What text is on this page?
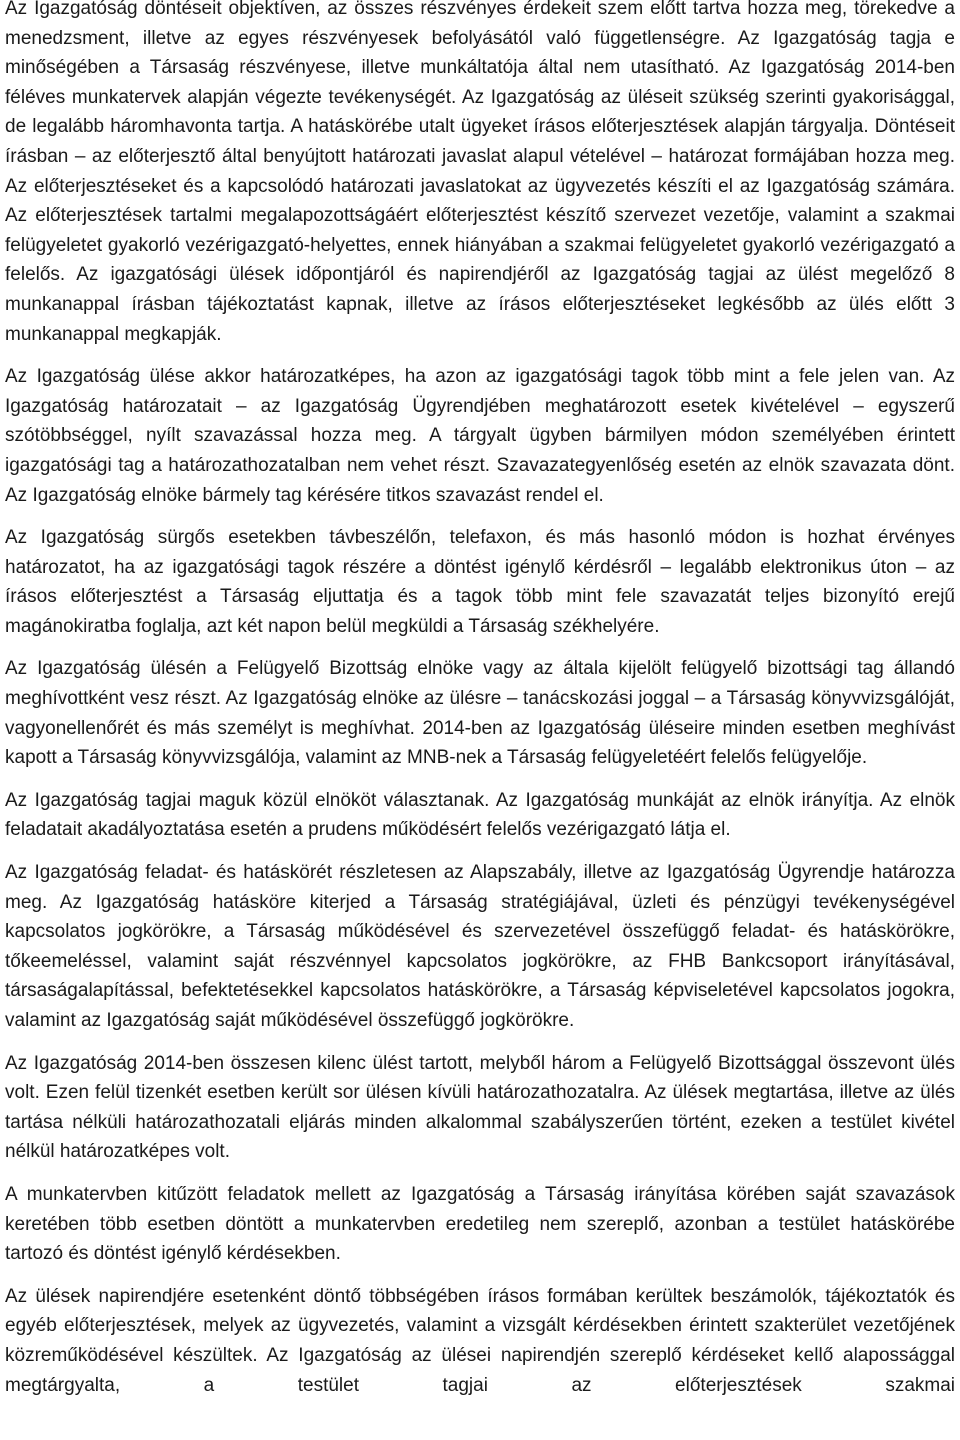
Az Igazgatóság döntéseit objektíven, az összes részvényes érdekeit szem előtt tartva hozza meg, törekedve a menedzsment, illetve az egyes részvényesek befolyásától való függetlenségre. Az Igazgatóság tagja e minőségében a Társaság részvényese, illetve munkáltatója által nem utasítható. Az Igazgatóság 2014-ben féléves munkatervek alapján végezte tevékenységét. Az Igazgatóság az üléseit szükség szerinti gyakorisággal, de legalább háromhavonta tartja. A hatáskörébe utalt ügyeket írásos előterjesztések alapján tárgyalja. Döntéseit írásban – az előterjesztő által benyújtott határozati javaslat alapul vételével – határozat formájában hozza meg. Az előterjesztéseket és a kapcsolódó határozati javaslatokat az ügyvezetés készíti el az Igazgatóság számára. Az előterjesztések tartalmi megalapozottságáért előterjesztést készítő szervezet vezetője, valamint a szakmai felügyeletet gyakorló vezérigazgató-helyettes, ennek hiányában a szakmai felügyeletet gyakorló vezérigazgató a felelős. Az igazgatósági ülések időpontjáról és napirendjéről az Igazgatóság tagjai az ülést megelőző 8 munkanappal írásban tájékoztatást kapnak, illetve az írásos előterjesztéseket legkésőbb az ülés előtt 3 munkanappal megkapják.

Az Igazgatóság ülése akkor határozatképes, ha azon az igazgatósági tagok több mint a fele jelen van. Az Igazgatóság határozatait – az Igazgatóság Ügyrendjében meghatározott esetek kivételével – egyszerű szótöbbséggel, nyílt szavazással hozza meg. A tárgyalt ügyben bármilyen módon személyében érintett igazgatósági tag a határozathozatalban nem vehet részt. Szavazategyenlőség esetén az elnök szavazata dönt. Az Igazgatóság elnöke bármely tag kérésére titkos szavazást rendel el.

Az Igazgatóság sürgős esetekben távbeszélőn, telefaxon, és más hasonló módon is hozhat érvényes határozatot, ha az igazgatósági tagok részére a döntést igénylő kérdésről – legalább elektronikus úton – az írásos előterjesztést a Társaság eljuttatja és a tagok több mint fele szavazatát teljes bizonyító erejű magánokiratba foglalja, azt két napon belül megküldi a Társaság székhelyére.

Az Igazgatóság ülésén a Felügyelő Bizottság elnöke vagy az általa kijelölt felügyelő bizottsági tag állandó meghívottként vesz részt. Az Igazgatóság elnöke az ülésre – tanácskozási joggal – a Társaság könyvvizsgálóját, vagyonellenőrét és más személyt is meghívhat. 2014-ben az Igazgatóság üléseire minden esetben meghívást kapott a Társaság könyvvizsgálója, valamint az MNB-nek a Társaság felügyeletéért felelős felügyelője.

Az Igazgatóság tagjai maguk közül elnököt választanak. Az Igazgatóság munkáját az elnök irányítja. Az elnök feladatait akadályoztatása esetén a prudens működésért felelős vezérigazgató látja el.

Az Igazgatóság feladat- és hatáskörét részletesen az Alapszabály, illetve az Igazgatóság Ügyrendje határozza meg. Az Igazgatóság hatásköre kiterjed a Társaság stratégiájával, üzleti és pénzügyi tevékenységével kapcsolatos jogkörökre, a Társaság működésével és szervezetével összefüggő feladat- és hatáskörökre, tőkeemeléssel, valamint saját részvénnyel kapcsolatos jogkörökre, az FHB Bankcsoport irányításával, társaságalapítással, befektetésekkel kapcsolatos hatáskörökre, a Társaság képviseletével kapcsolatos jogokra, valamint az Igazgatóság saját működésével összefüggő jogkörökre.

Az Igazgatóság 2014-ben összesen kilenc ülést tartott, melyből három a Felügyelő Bizottsággal összevont ülés volt. Ezen felül tizenkét esetben került sor ülésen kívüli határozathozatalra. Az ülések megtartása, illetve az ülés tartása nélküli határozathozatali eljárás minden alkalommal szabályszerűen történt, ezeken a testület kivétel nélkül határozatképes volt.

A munkatervben kitűzött feladatok mellett az Igazgatóság a Társaság irányítása körében saját szavazások keretében több esetben döntött a munkatervben eredetileg nem szereplő, azonban a testület hatáskörébe tartozó és döntést igénylő kérdésekben.

Az ülések napirendjére esetenként döntő többségében írásos formában kerültek beszámolók, tájékoztatók és egyéb előterjesztések, melyek az ügyvezetés, valamint a vizsgált kérdésekben érintett szakterület vezetőjének közreműködésével készültek. Az Igazgatóság az ülései napirendjén szereplő kérdéseket kellő alapossággal megtárgyalta, a testület tagjai az előterjesztések szakmai
